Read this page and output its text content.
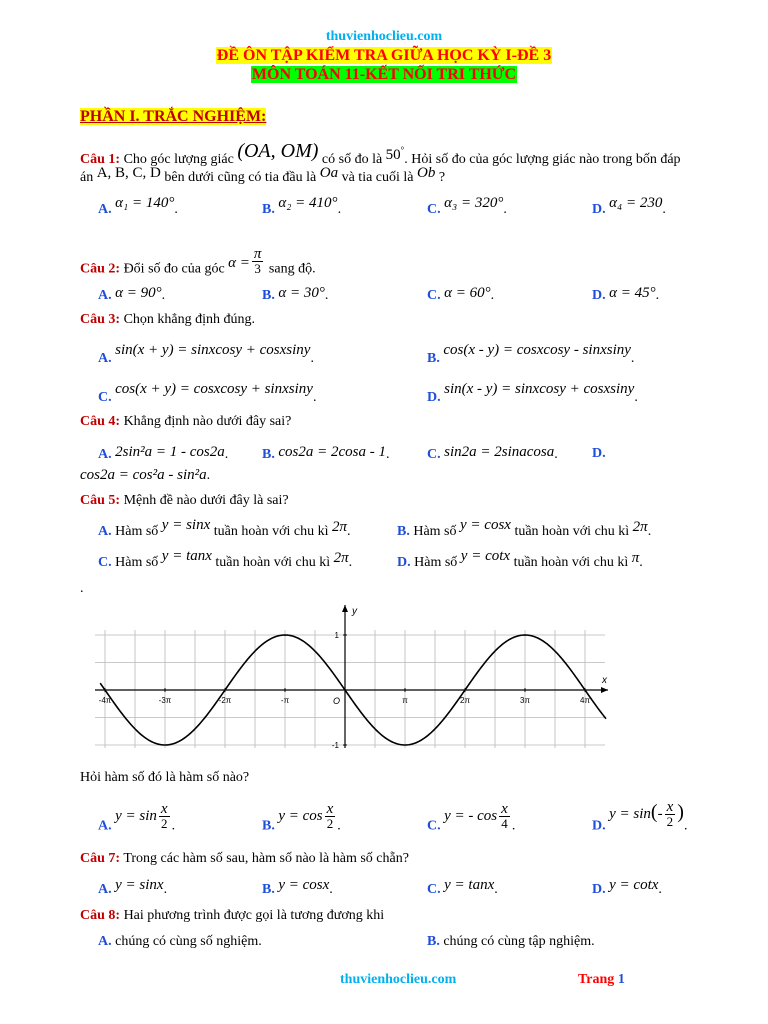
thuvienhoclieu.com
ĐỀ ÔN TẬP KIỂM TRA GIỮA HỌC KỲ I-ĐỀ 3
MÔN TOÁN 11-KẾT NỐI TRI THỨC
PHẦN I. TRẮC NGHIỆM:
Câu 1: Cho góc lượng giác (OA, OM) có số đo là 50°. Hỏi số đo của góc lượng giác nào trong bốn đáp
án A, B, C, D bên dưới cũng có tia đầu là Oa và tia cuối là Ob ?
A. α₁ = 140°.	B. α₂ = 410°.	C. α₃ = 320°.	D. α₄ = 230.
Câu 2: Đổi số đo của góc $\alpha = \frac{\pi}{3}$ sang độ.
A. α = 90°.	B. α = 30°.	C. α = 60°.	D. α = 45°.
Câu 3: Chọn khẳng định đúng.
A. sin(x + y) = sinxcosy + cosxsiny.	B. cos(x - y) = cosxcosy - sinxsiny.
C. cos(x + y) = cosxcosy + sinxsiny.	D. sin(x - y) = sinxcosy + cosxsiny.
Câu 4: Khẳng định nào dưới đây sai?
A. 2sin²a = 1 - cos2a. B. cos2a = 2cosa - 1.	C. sin2a = 2sinacosa. D.
cos2a = cos²a - sin²a.
Câu 5: Mệnh đề nào dưới đây là sai?
A. Hàm số y = sinx tuần hoàn với chu kì 2π.	B. Hàm số y = cosx tuần hoàn với chu kì 2π.
C. Hàm số y = tanx tuần hoàn với chu kì 2π.	D. Hàm số y = cotx tuần hoàn với chu kì π.
.
-4π	-3π	-2π	-π	π	2π	3π	4π
1
-1
O
x
y
Hỏi hàm số đó là hàm số nào?
A. $y = \sin \frac{x}{2}$ .	B. $y = \cos \frac{x}{2}$ .	C. y = - $\cos \frac{x}{4}$ .	D. $y = \sin(- \frac{x}{2}$ ).
Câu 7: Trong các hàm số sau, hàm số nào là hàm số chẵn?
A. y = sinx.	B. y = cosx.	C. y = tanx.	D. y = cotx.
Câu 8: Hai phương trình được gọi là tương đương khi
A. chúng có cùng số nghiệm.	B. chúng có cùng tập nghiệm.
thuvienhoclieu.com	Trang 1
